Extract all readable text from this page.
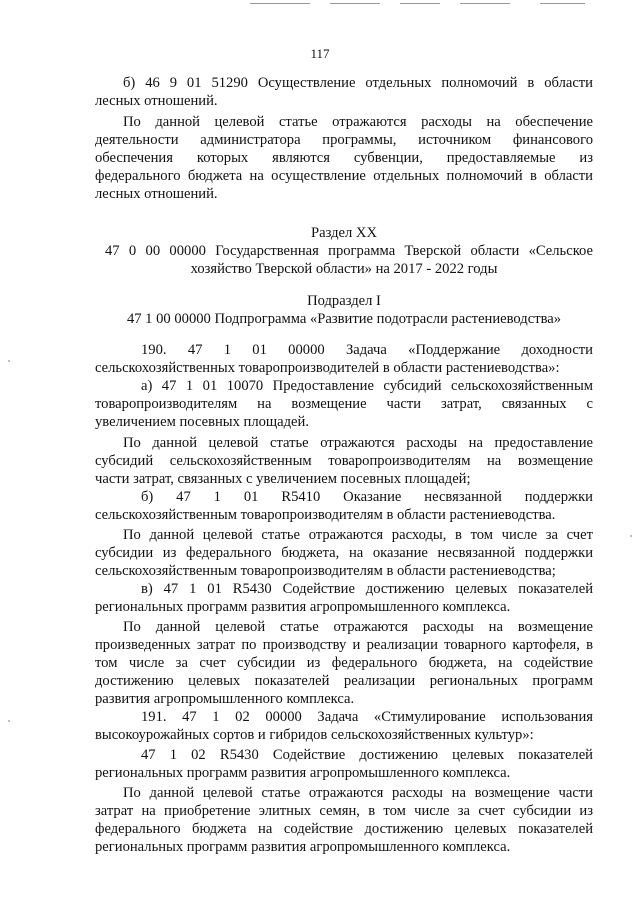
117

б) 46 9 01 51290 Осуществление отдельных полномочий в области

лесных отношений.

По данной целевой статье отражаются расходы на обеспечение

деятельности администратора программы, источником финансового

обеспечения которых являются субвенции, предоставляемые из

федерального бюджета на осуществление отдельных полномочий в области

лесных отношений.

Раздел XX

47 0 00 00000 Государственная программа Тверской области «Сельское

хозяйство Тверской области» на 2017 - 2022 годы

Подраздел I

47 1 00 00000 Подпрограмма «Развитие подотрасли растениеводства»

190. 47 1 01 00000 Задача «Поддержание доходности

сельскохозяйственных товаропроизводителей в области растениеводства»:

а) 47 1 01 10070 Предоставление субсидий сельскохозяйственным

товаропроизводителям на возмещение части затрат, связанных с

увеличением посевных площадей.

По данной целевой статье отражаются расходы на предоставление

субсидий сельскохозяйственным товаропроизводителям на возмещение

части затрат, связанных с увеличением посевных площадей;

б) 47 1 01 R5410 Оказание несвязанной поддержки

сельскохозяйственным товаропроизводителям в области растениеводства.

По данной целевой статье отражаются расходы, в том числе за счет

субсидии из федерального бюджета, на оказание несвязанной поддержки

сельскохозяйственным товаропроизводителям в области растениеводства;

в) 47 1 01 R5430 Содействие достижению целевых показателей

региональных программ развития агропромышленного комплекса.

По данной целевой статье отражаются расходы на возмещение

произведенных затрат по производству и реализации товарного картофеля, в

том числе за счет субсидии из федерального бюджета, на содействие

достижению целевых показателей реализации региональных программ

развития агропромышленного комплекса.

191. 47 1 02 00000 Задача «Стимулирование использования

высокоурожайных сортов и гибридов сельскохозяйственных культур»:

47 1 02 R5430 Содействие достижению целевых показателей

региональных программ развития агропромышленного комплекса.

По данной целевой статье отражаются расходы на возмещение части

затрат на приобретение элитных семян, в том числе за счет субсидии из

федерального бюджета на содействие достижению целевых показателей

региональных программ развития агропромышленного комплекса.
